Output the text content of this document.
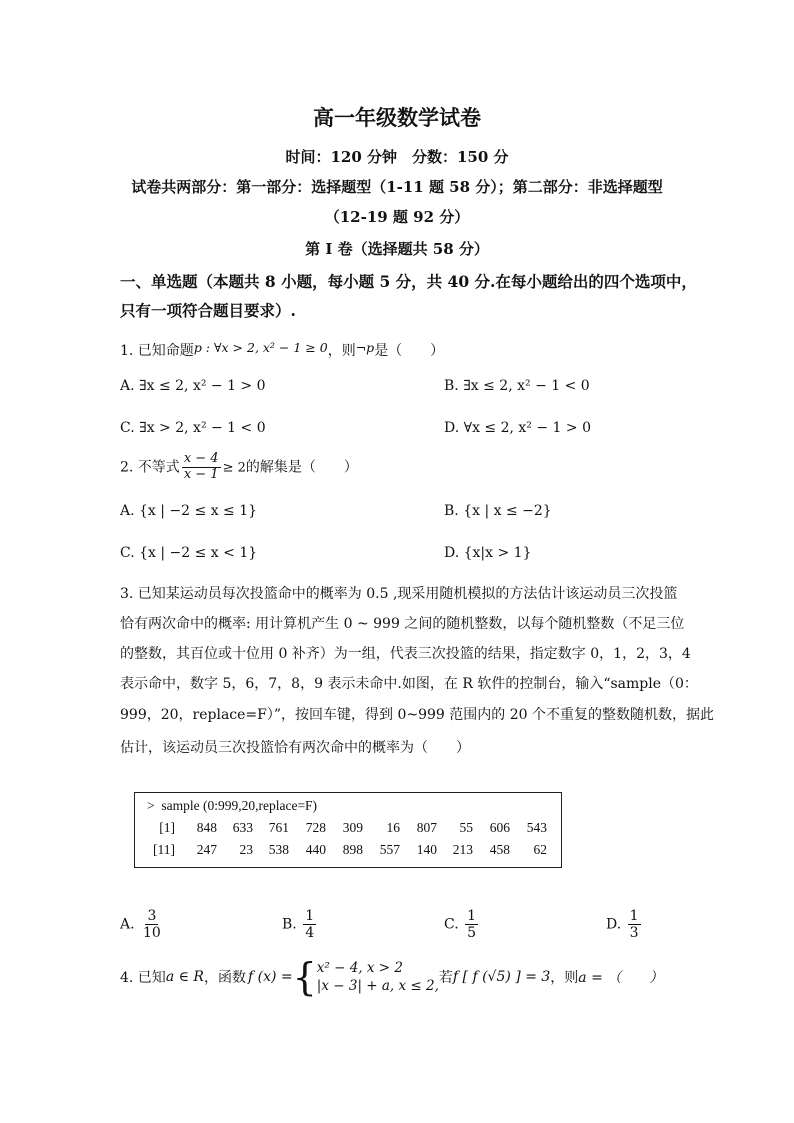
高一年级数学试卷
时间：120 分钟　分数：150 分
试卷共两部分：第一部分：选择题型（1-11 题 58 分）；第二部分：非选择题型
（12-19 题 92 分）
第 I 卷（选择题共 58 分）
一、单选题（本题共 8 小题，每小题 5 分，共 40 分.在每小题给出的四个选项中，
只有一项符合题目要求）.
1. 已知命题p : ∀x > 2, x² − 1 ≥ 0，则¬p是（　　）
A. ∃x ≤ 2, x² − 1 > 0	B. ∃x ≤ 2, x² − 1 < 0
C. ∃x > 2, x² − 1 < 0	D. ∀x ≤ 2, x² − 1 > 0
2. 不等式 $\frac{x - 4}{x - 1} \ge 2$的解集是（　　）
A. {x | −2 ≤ x ≤ 1}	B. {x | x ≤ −2}
C. {x | −2 ≤ x < 1}	D. {x|x > 1}
3. 已知某运动员每次投篮命中的概率为 0.5 ,现采用随机模拟的方法估计该运动员三次投篮
恰有两次命中的概率: 用计算机产生 0 ~ 999 之间的随机整数，以每个随机整数（不足三位
的整数，其百位或十位用 0 补齐）为一组，代表三次投篮的结果，指定数字 0，1，2，3，4
表示命中，数字 5，6，7，8，9 表示未命中.如图，在 R 软件的控制台，输入“sample（0：
999，20，replace=F）”，按回车键，得到 0~999 范围内的 20 个不重复的整数随机数，据此
估计，该运动员三次投篮恰有两次命中的概率为（　　）
>  sample (0:999,20,replace=F)
[1]	848	633	761	728	309	16	807	55	606	543
[11]	247	23	538	440	898	557	140	213	458	62
A. $\frac{3}{10}$	B. $\frac{1}{4}$	C. $\frac{1}{5}$	D. $\frac{1}{3}$
4. 已知 a ∈ R ，函数 f (x) = { x² − 4, x > 2
|x − 3| + a, x ≤ 2, 若 f [ f (√5) ] = 3 ，则 a = （　　）
